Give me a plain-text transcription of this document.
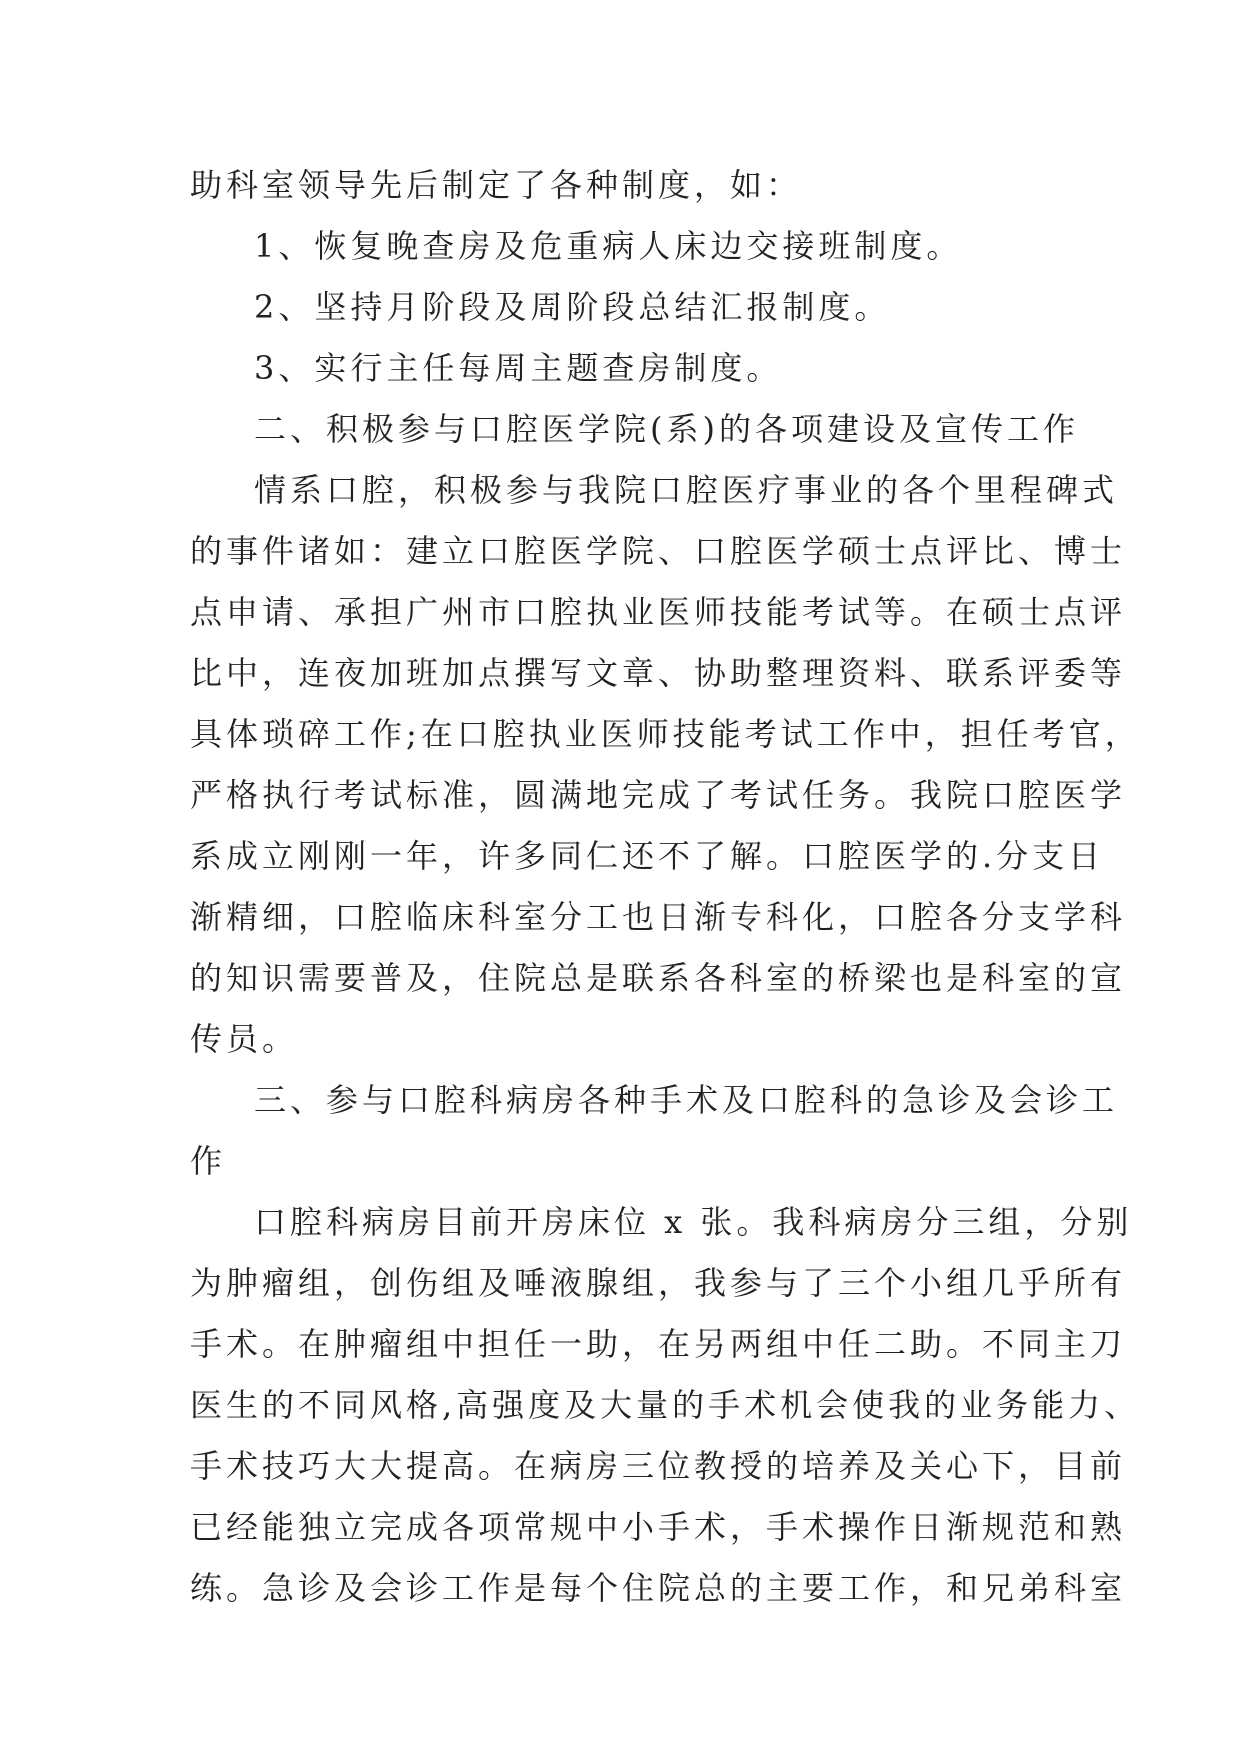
助科室领导先后制定了各种制度，如：
1、恢复晚查房及危重病人床边交接班制度。
2、坚持月阶段及周阶段总结汇报制度。
3、实行主任每周主题查房制度。
二、积极参与口腔医学院(系)的各项建设及宣传工作
情系口腔，积极参与我院口腔医疗事业的各个里程碑式
的事件诸如：建立口腔医学院、口腔医学硕士点评比、博士
点申请、承担广州市口腔执业医师技能考试等。在硕士点评
比中，连夜加班加点撰写文章、协助整理资料、联系评委等
具体琐碎工作;在口腔执业医师技能考试工作中，担任考官，
严格执行考试标准，圆满地完成了考试任务。我院口腔医学
系成立刚刚一年，许多同仁还不了解。口腔医学的.分支日
渐精细，口腔临床科室分工也日渐专科化，口腔各分支学科
的知识需要普及，住院总是联系各科室的桥梁也是科室的宣
传员。
三、参与口腔科病房各种手术及口腔科的急诊及会诊工
作
口腔科病房目前开房床位 x 张。我科病房分三组，分别
为肿瘤组，创伤组及唾液腺组，我参与了三个小组几乎所有
手术。在肿瘤组中担任一助，在另两组中任二助。不同主刀
医生的不同风格,高强度及大量的手术机会使我的业务能力、
手术技巧大大提高。在病房三位教授的培养及关心下，目前
已经能独立完成各项常规中小手术，手术操作日渐规范和熟
练。急诊及会诊工作是每个住院总的主要工作，和兄弟科室
